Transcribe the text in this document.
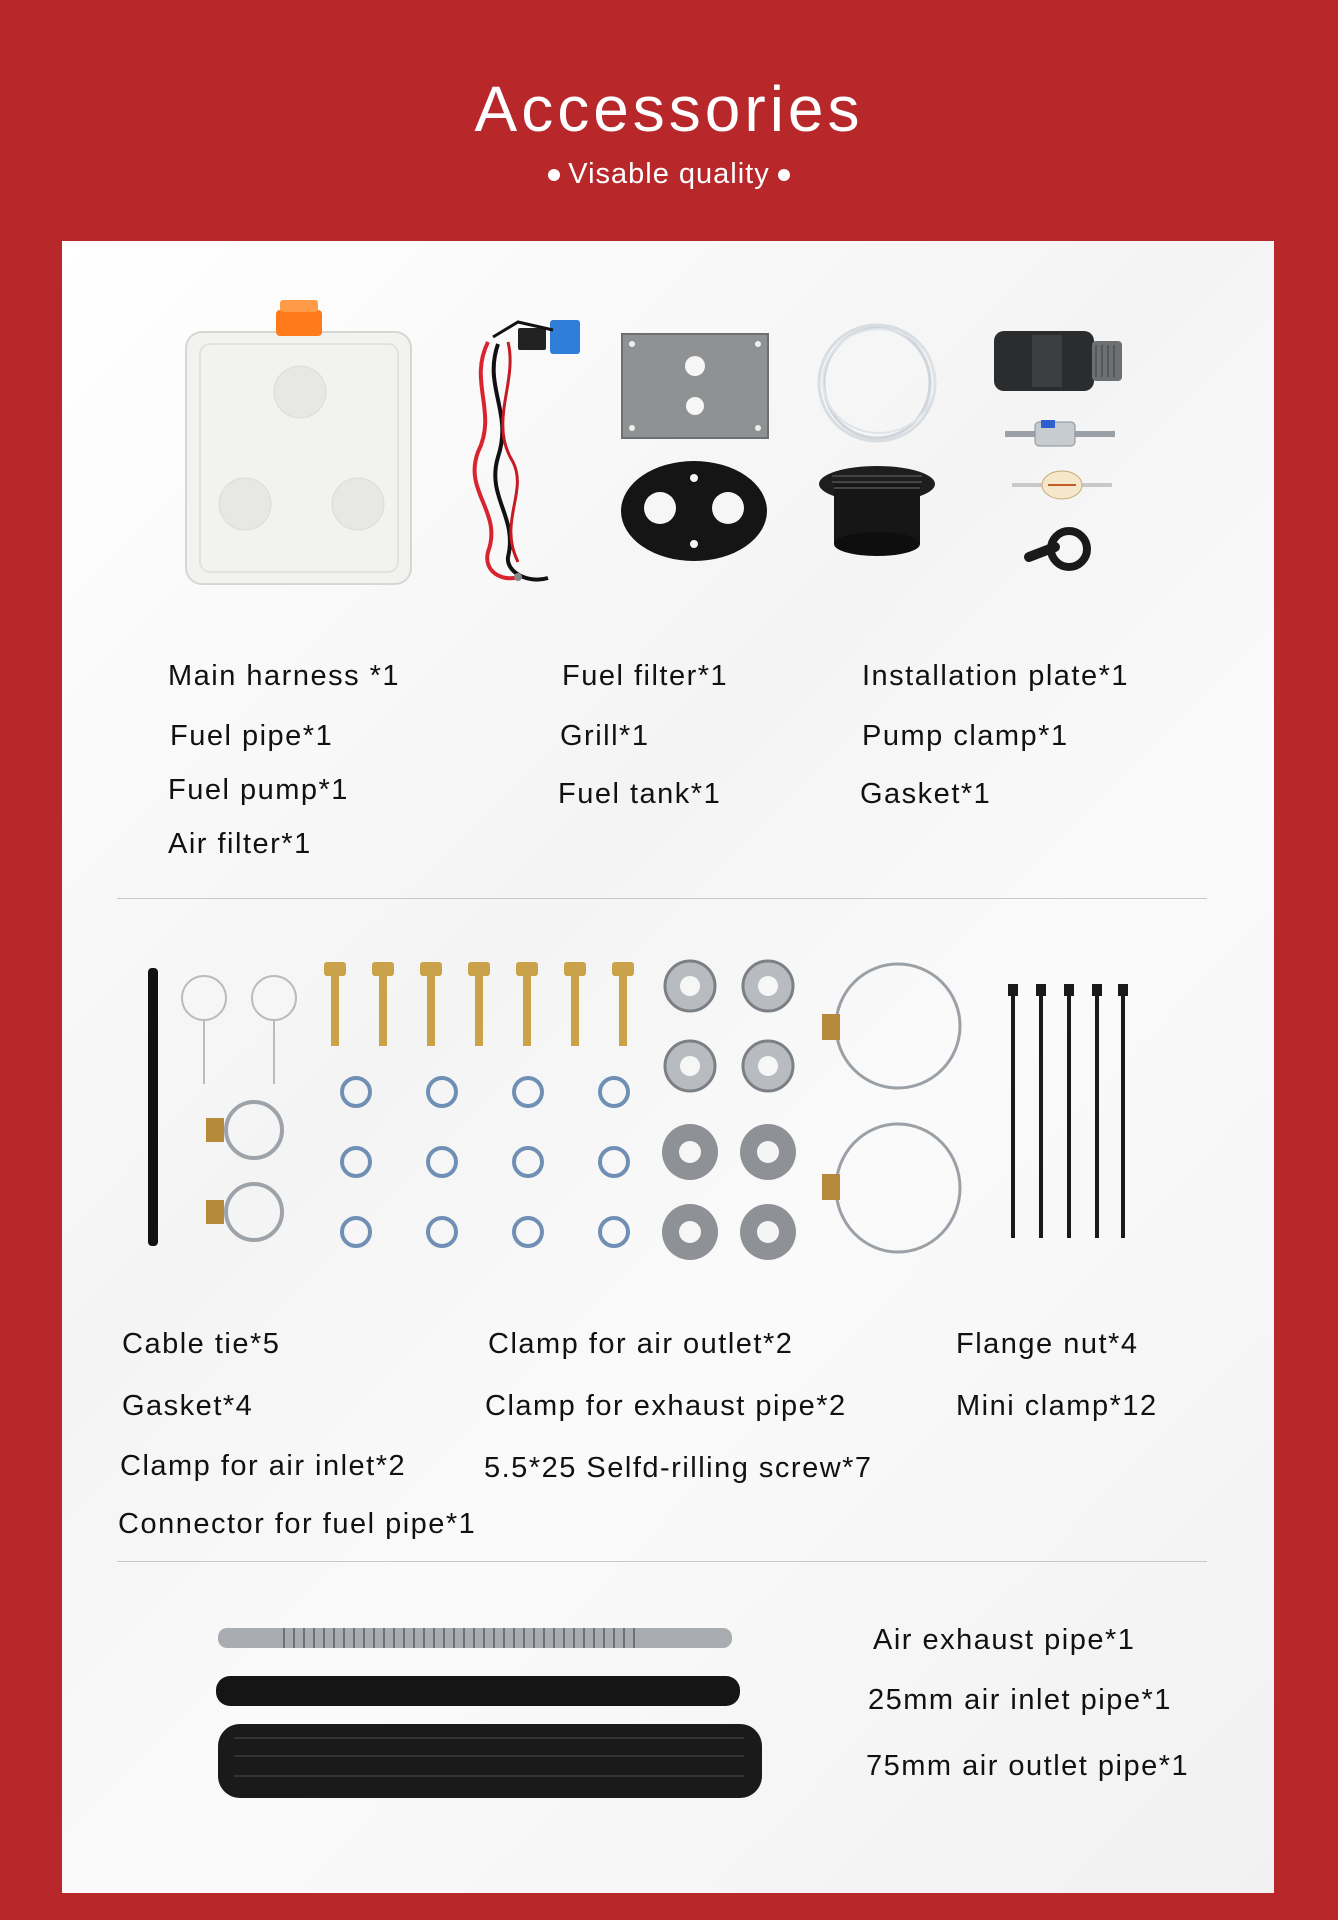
Accessories
Visable quality
Main harness *1	Fuel filter*1	Installation plate*1
Fuel pipe*1	Grill*1	Pump clamp*1
Fuel pump*1	Fuel tank*1	Gasket*1
Air filter*1
Cable tie*5	Clamp for air outlet*2	Flange nut*4
Gasket*4	Clamp for exhaust pipe*2	Mini clamp*12
Clamp for air inlet*2	5.5*25 Selfd-rilling screw*7
Connector for fuel pipe*1
Air exhaust pipe*1
25mm air inlet pipe*1
75mm air outlet pipe*1
